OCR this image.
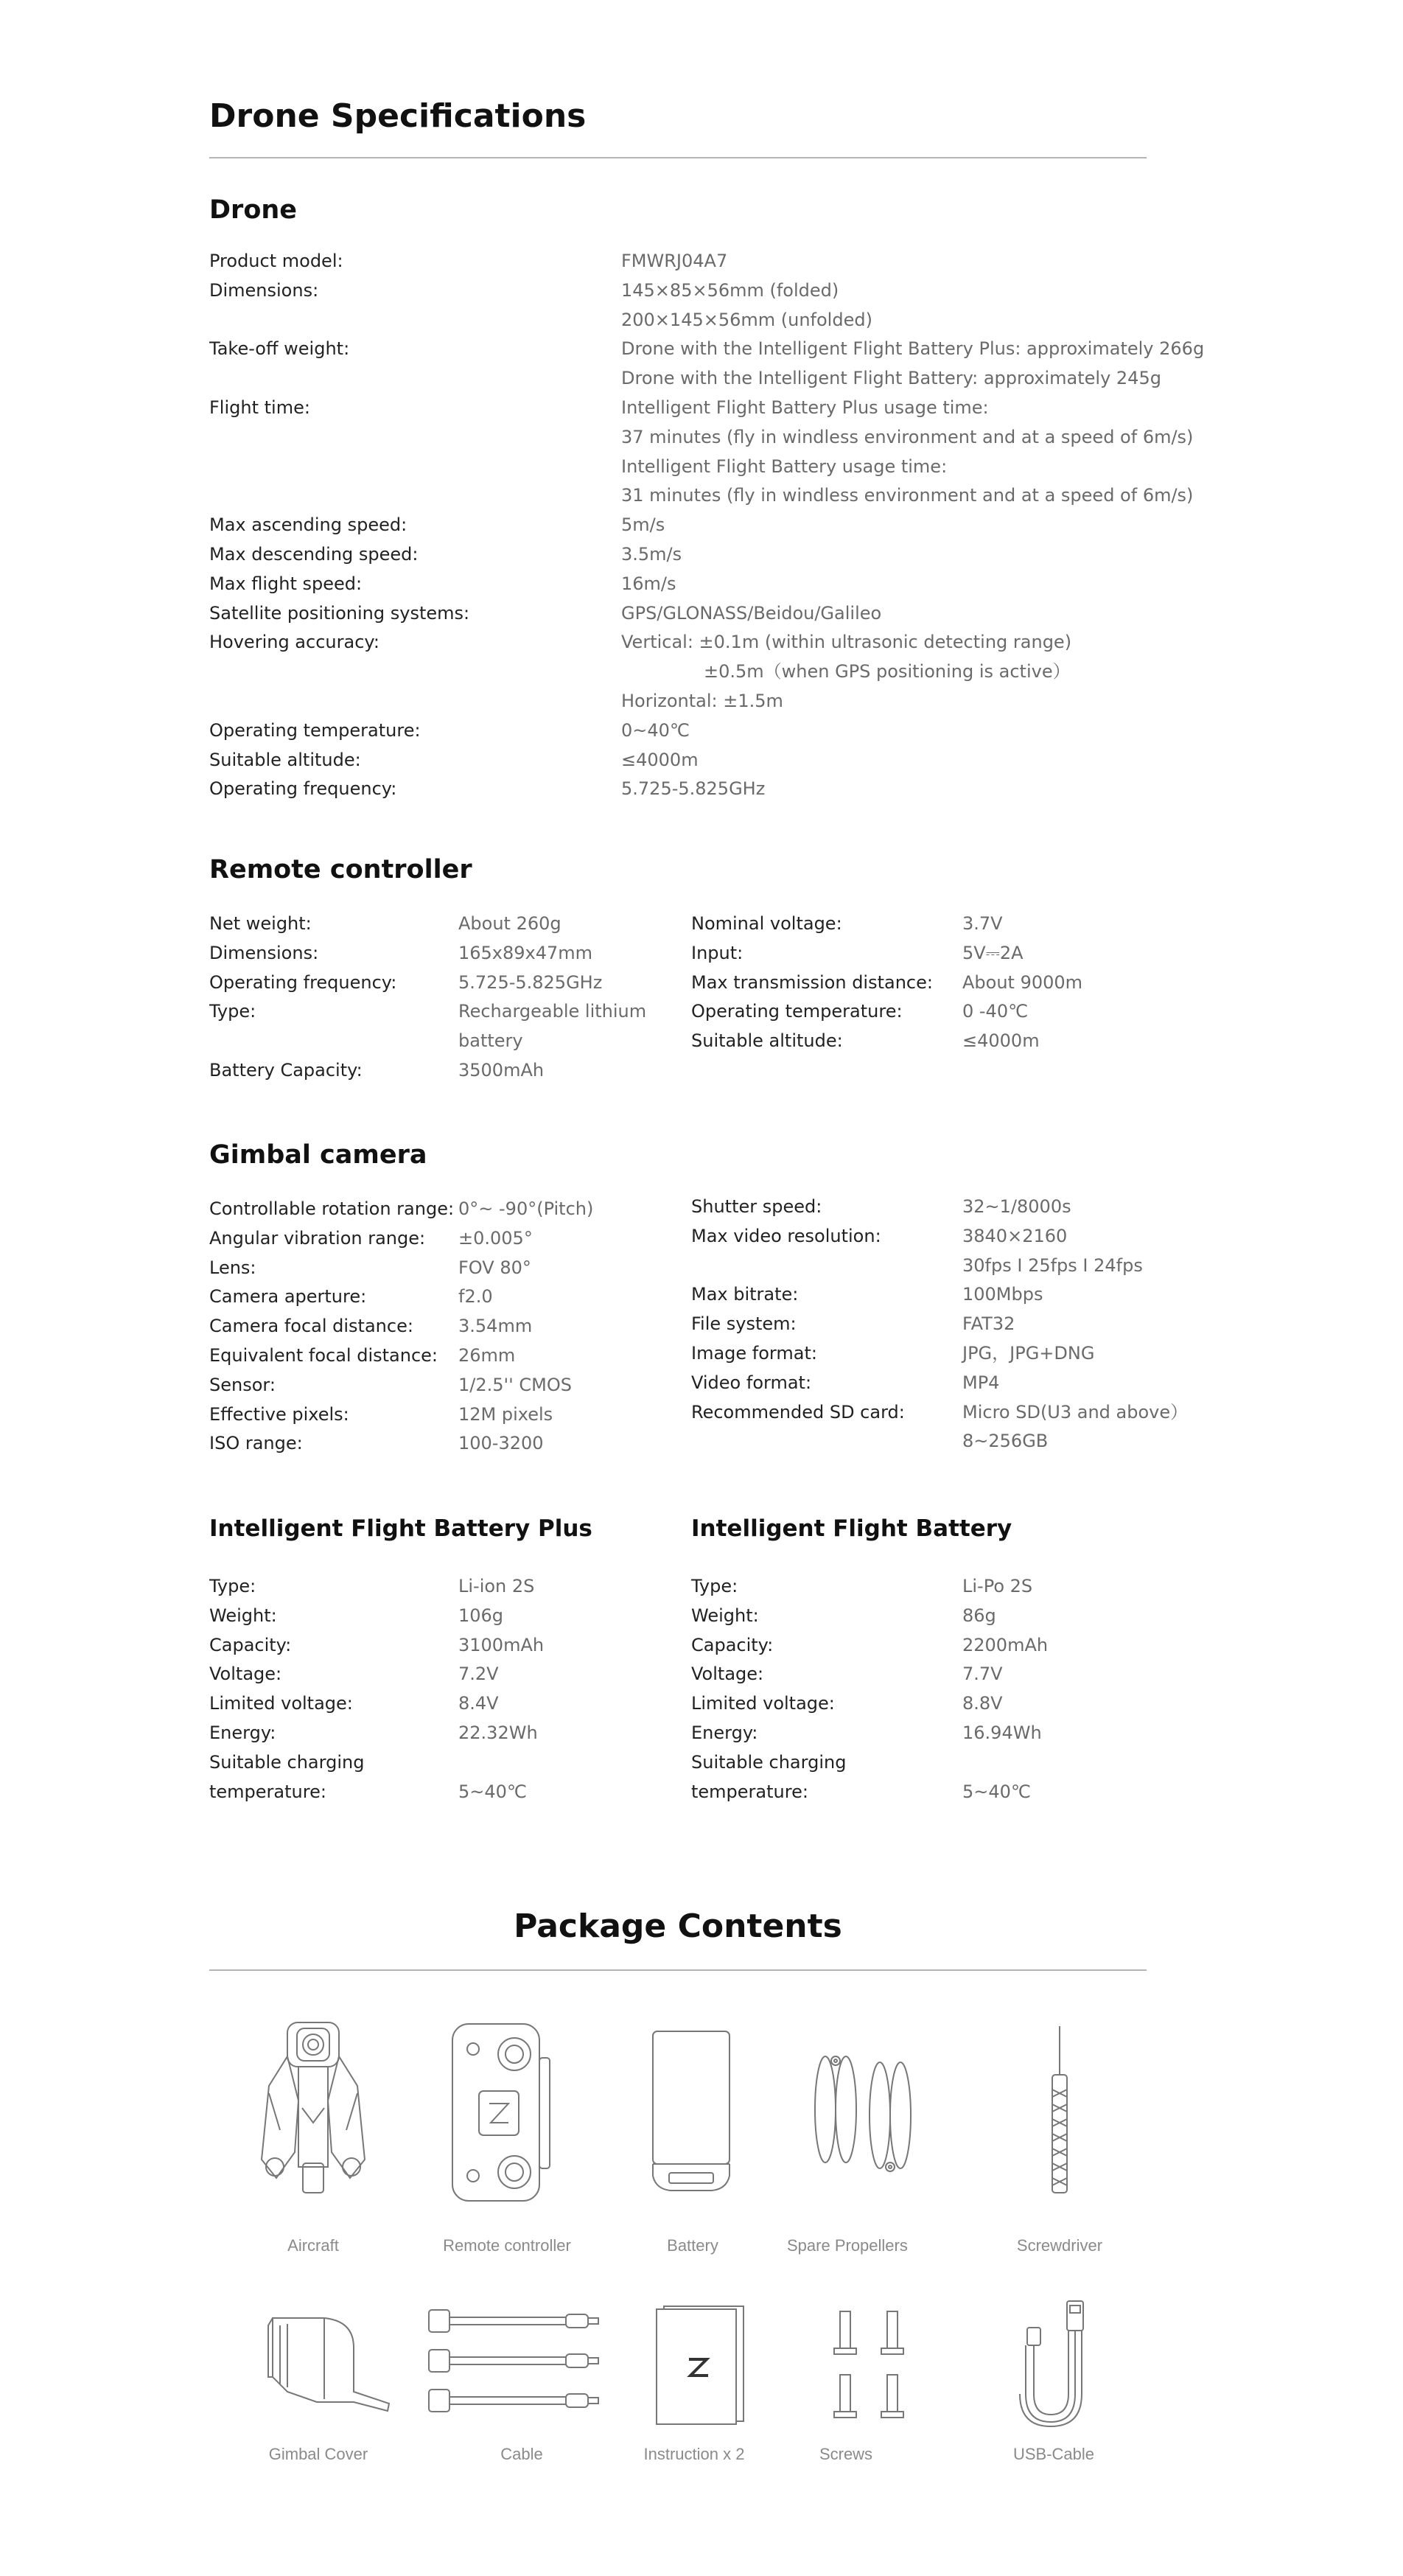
Drone Specifications
Drone
Product model:	FMWRJ04A7
Dimensions:	145×85×56mm (folded)
200×145×56mm (unfolded)
Take-off weight:	Drone with the Intelligent Flight Battery Plus: approximately 266g
Drone with the Intelligent Flight Battery: approximately 245g
Flight time:	Intelligent Flight Battery Plus usage time:
37 minutes (fly in windless environment and at a speed of 6m/s)
Intelligent Flight Battery usage time:
31 minutes (fly in windless environment and at a speed of 6m/s)
Max ascending speed:	5m/s
Max descending speed:	3.5m/s
Max flight speed:	16m/s
Satellite positioning systems:	GPS/GLONASS/Beidou/Galileo
Hovering accuracy:	Vertical: ±0.1m (within ultrasonic detecting range)
±0.5m（when GPS positioning is active）
Horizontal: ±1.5m
Operating temperature:	0~40℃
Suitable altitude:	≤4000m
Operating frequency:	5.725-5.825GHz
Remote controller
Net weight:	About 260g
Dimensions:	165x89x47mm
Operating frequency:	5.725-5.825GHz
Type:	Rechargeable lithium
battery
Battery Capacity:	3500mAh
Nominal voltage:	3.7V
Input:	5V⎓2A
Max transmission distance: About 9000m
Operating temperature:	0 -40℃
Suitable altitude:	≤4000m
Gimbal camera
Controllable rotation range: 0°~ -90°(Pitch)
Angular vibration range: ±0.005°
Lens:	FOV 80°
Camera aperture:	f2.0
Camera focal distance:	3.54mm
Equivalent focal distance: 26mm
Sensor:	1/2.5'' CMOS
Effective pixels:	12M pixels
ISO range:	100-3200
Shutter speed:	32~1/8000s
Max video resolution:	3840×2160
30fps I 25fps I 24fps
Max bitrate:	100Mbps
File system:	FAT32
Image format:	JPG，JPG+DNG
Video format:	MP4
Recommended SD card:	Micro SD(U3 and above）
8~256GB
Intelligent Flight Battery Plus	Intelligent Flight Battery
Type:	Li-ion 2S
Weight:	106g
Capacity:	3100mAh
Voltage:	7.2V
Limited voltage:	8.4V
Energy:	22.32Wh
Suitable charging
temperature:	5~40℃
Type:	Li-Po 2S
Weight:	86g
Capacity:	2200mAh
Voltage:	7.7V
Limited voltage:	8.8V
Energy:	16.94Wh
Suitable charging
temperature:	5~40℃
Package Contents
Aircraft	Remote controller	Battery	Spare Propellers	Screwdriver
Gimbal Cover	Cable	Instruction x 2	Screws	USB-Cable
